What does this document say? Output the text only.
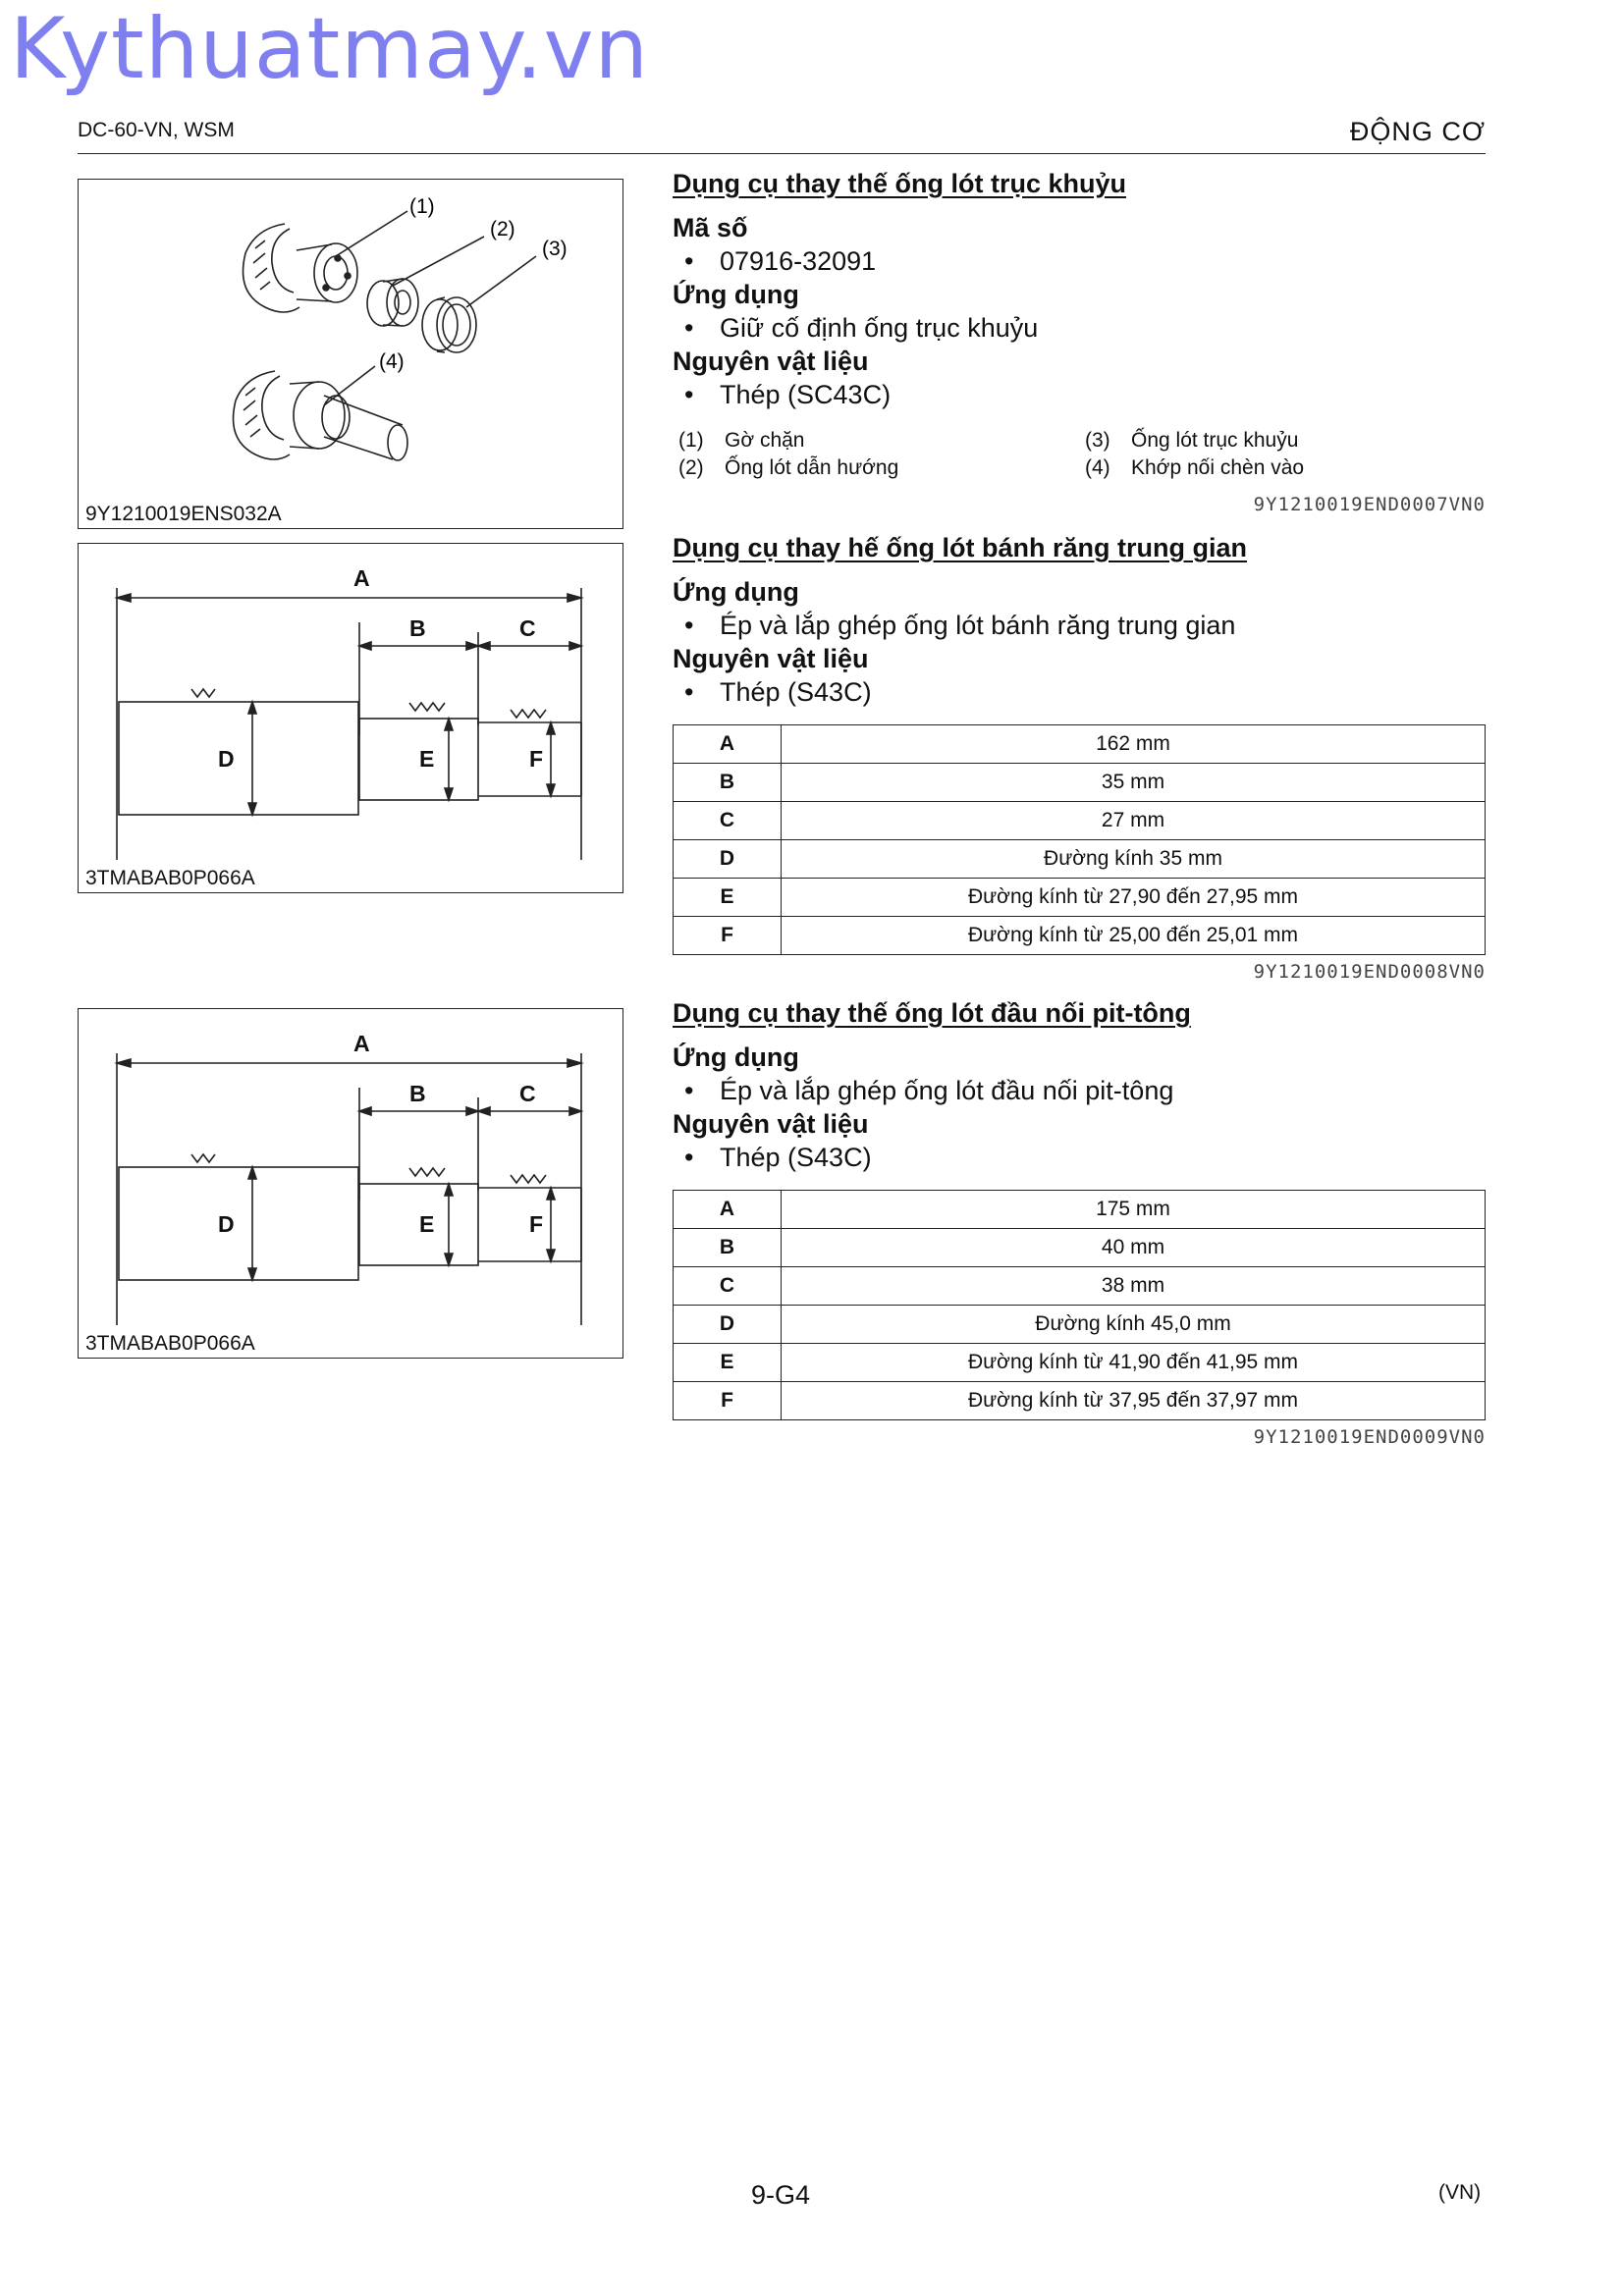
Kythuatmay.vn
DC-60-VN, WSM	ĐỘNG CƠ
(1)
(2)
(3)
(4)
9Y1210019ENS032A
A
B	C
D	E	F
3TMABAB0P066A
A
B	C
D	E	F
3TMABAB0P066A
Dụng cụ thay thế ống lót trục khuỷu

Mã số

• 07916-32091

Ứng dụng

• Giữ cố định ống trục khuỷu

Nguyên vật liệu

• Thép (SC43C)
(1)	Gờ chặn	(3)	Ống lót trục khuỷu
(2)	Ống lót dẫn hướng	(4)	Khớp nối chèn vào
9Y1210019END0007VN0
Dụng cụ thay hế ống lót bánh răng trung gian

Ứng dụng

• Ép và lắp ghép ống lót bánh răng trung gian

Nguyên vật liệu

• Thép (S43C)
A	162 mm
B	35 mm
C	27 mm
D	Đường kính 35 mm
E	Đường kính từ 27,90 đến 27,95 mm
F	Đường kính từ 25,00 đến 25,01 mm
9Y1210019END0008VN0
Dụng cụ thay thế ống lót đầu nối pit-tông

Ứng dụng

• Ép và lắp ghép ống lót đầu nối pit-tông

Nguyên vật liệu

• Thép (S43C)
A	175 mm
B	40 mm
C	38 mm
D	Đường kính 45,0 mm
E	Đường kính từ 41,90 đến 41,95 mm
F	Đường kính từ 37,95 đến 37,97 mm
9Y1210019END0009VN0
9-G4	(VN)
